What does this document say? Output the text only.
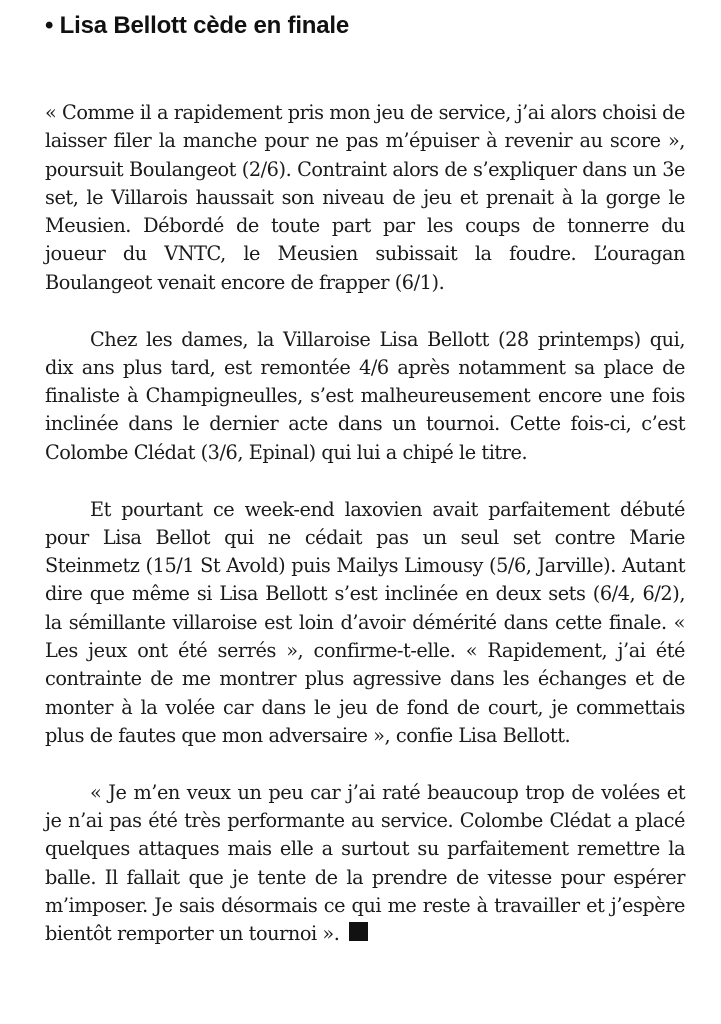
• Lisa Bellott cède en finale

« Comme il a rapidement pris mon jeu de service, j’ai alors choisi de laisser filer la manche pour ne pas m’épuiser à revenir au score », poursuit Boulangeot (2/6). Contraint alors de s’expliquer dans un 3e set, le Villarois haussait son niveau de jeu et prenait à la gorge le Meusien. Débordé de toute part par les coups de tonnerre du joueur du VNTC, le Meusien subissait la foudre. L’ouragan Boulangeot venait encore de frapper (6/1).

Chez les dames, la Villaroise Lisa Bellott (28 printemps) qui, dix ans plus tard, est remontée 4/6 après notamment sa place de finaliste à Champigneulles, s’est malheureusement encore une fois inclinée dans le dernier acte dans un tournoi. Cette fois-ci, c’est Colombe Clédat (3/6, Epinal) qui lui a chipé le titre.

Et pourtant ce week-end laxovien avait parfaitement débuté pour Lisa Bellot qui ne cédait pas un seul set contre Marie Steinmetz (15/1 St Avold) puis Mailys Limousy (5/6, Jarville). Autant dire que même si Lisa Bellott s’est inclinée en deux sets (6/4, 6/2), la sémillante villaroise est loin d’avoir démérité dans cette finale. « Les jeux ont été serrés », confirme-t-elle. « Rapidement, j’ai été contrainte de me montrer plus agressive dans les échanges et de monter à la volée car dans le jeu de fond de court, je commettais plus de fautes que mon adversaire », confie Lisa Bellott.

« Je m’en veux un peu car j’ai raté beaucoup trop de volées et je n’ai pas été très performante au service. Colombe Clédat a placé quelques attaques mais elle a surtout su parfaitement remettre la balle. Il fallait que je tente de la prendre de vitesse pour espérer m’imposer. Je sais désormais ce qui me reste à travailler et j’espère bientôt remporter un tournoi ».
